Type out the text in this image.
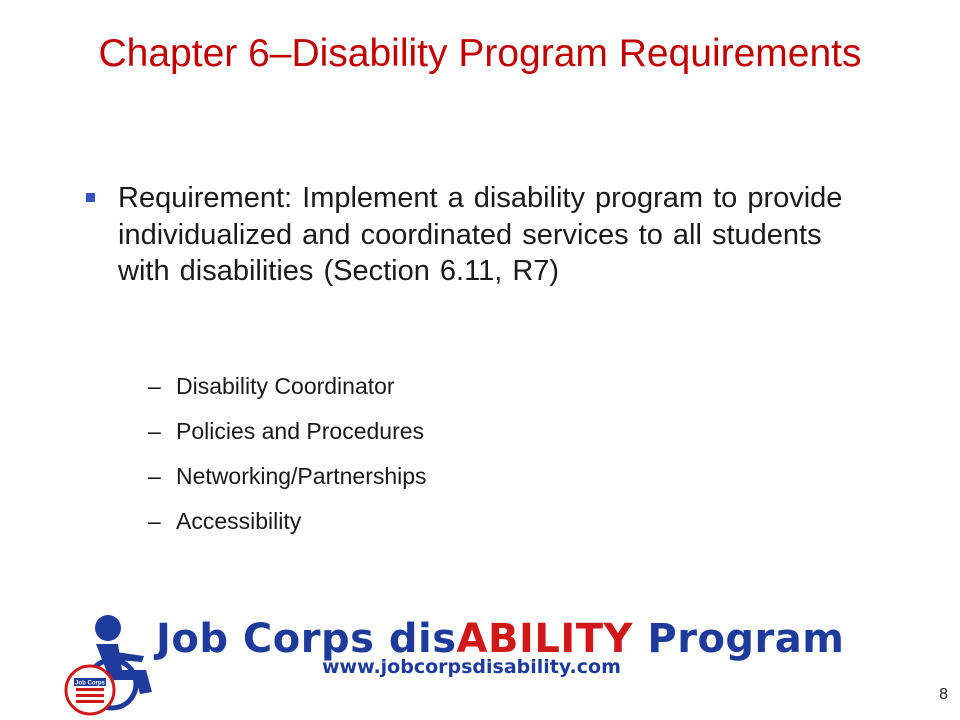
Chapter 6–Disability Program Requirements
Requirement: Implement a disability program to provide individualized and coordinated services to all students with disabilities (Section 6.11, R7)
– Disability Coordinator
– Policies and Procedures
– Networking/Partnerships
– Accessibility
Job Corps
Job Corps disABILITY Program
www.jobcorpsdisability.com
8
